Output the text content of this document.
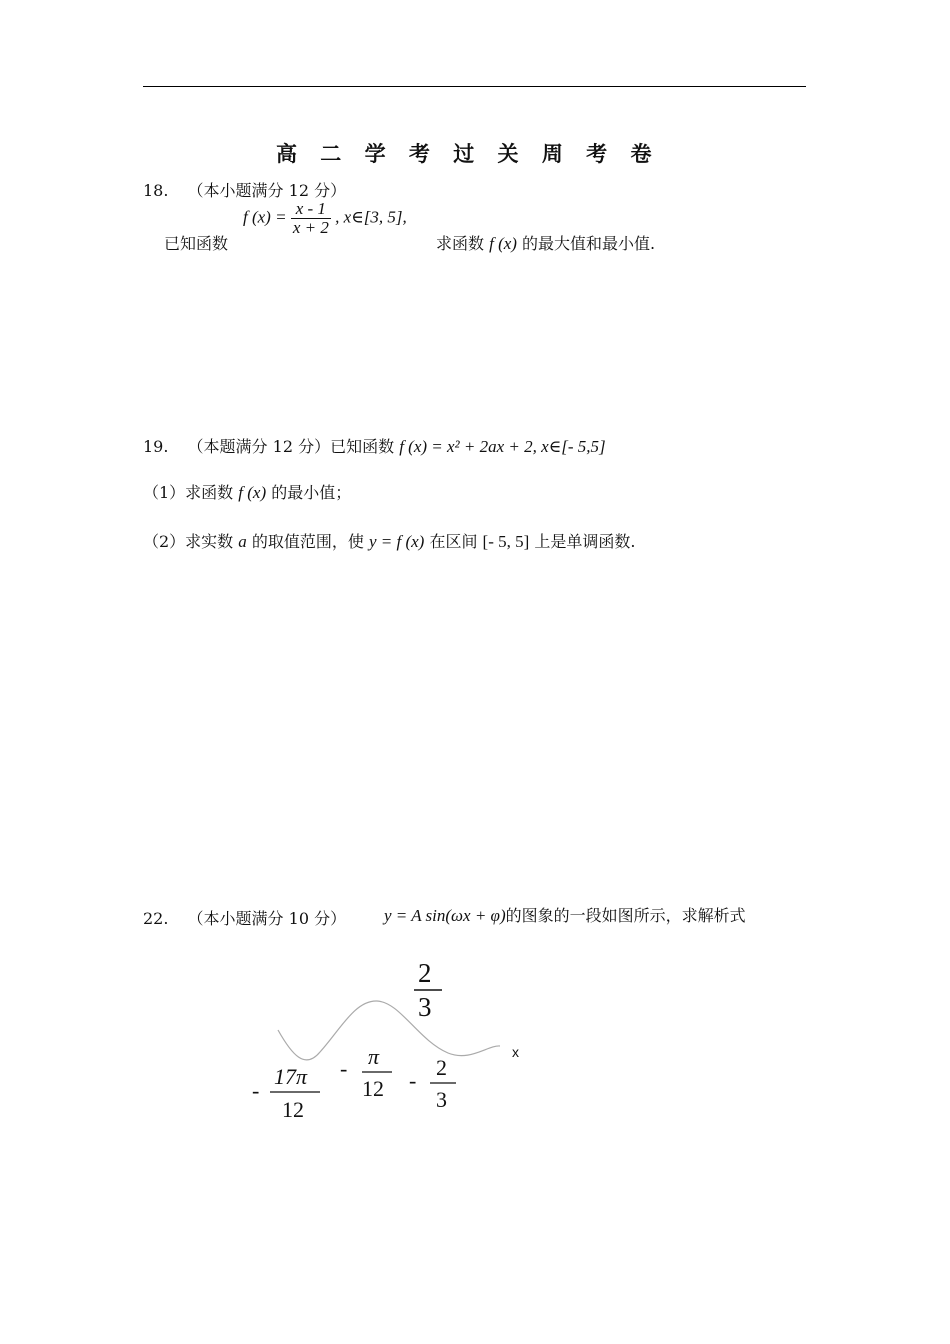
高 二 学 考 过 关 周 考 卷
18. （本小题满分 12 分）
已知函数
f $(x) = \frac{x - 1}{x + 2}$ , x∈[3, 5],
求函数 f (x) 的最大值和最小值.
19. （本题满分 12 分）已知函数 f (x) = x² + 2ax + 2, x∈[- 5,5]
（1）求函数 f (x) 的最小值；
（2）求实数 a 的取值范围，使 y = f (x) 在区间 [- 5, 5] 上是单调函数.
22. （本小题满分 10 分） y = A sin(ωx + φ)的图象的一段如图所示，求解析式
2
3
x
-
17π
12
- π
12 -
2
3
